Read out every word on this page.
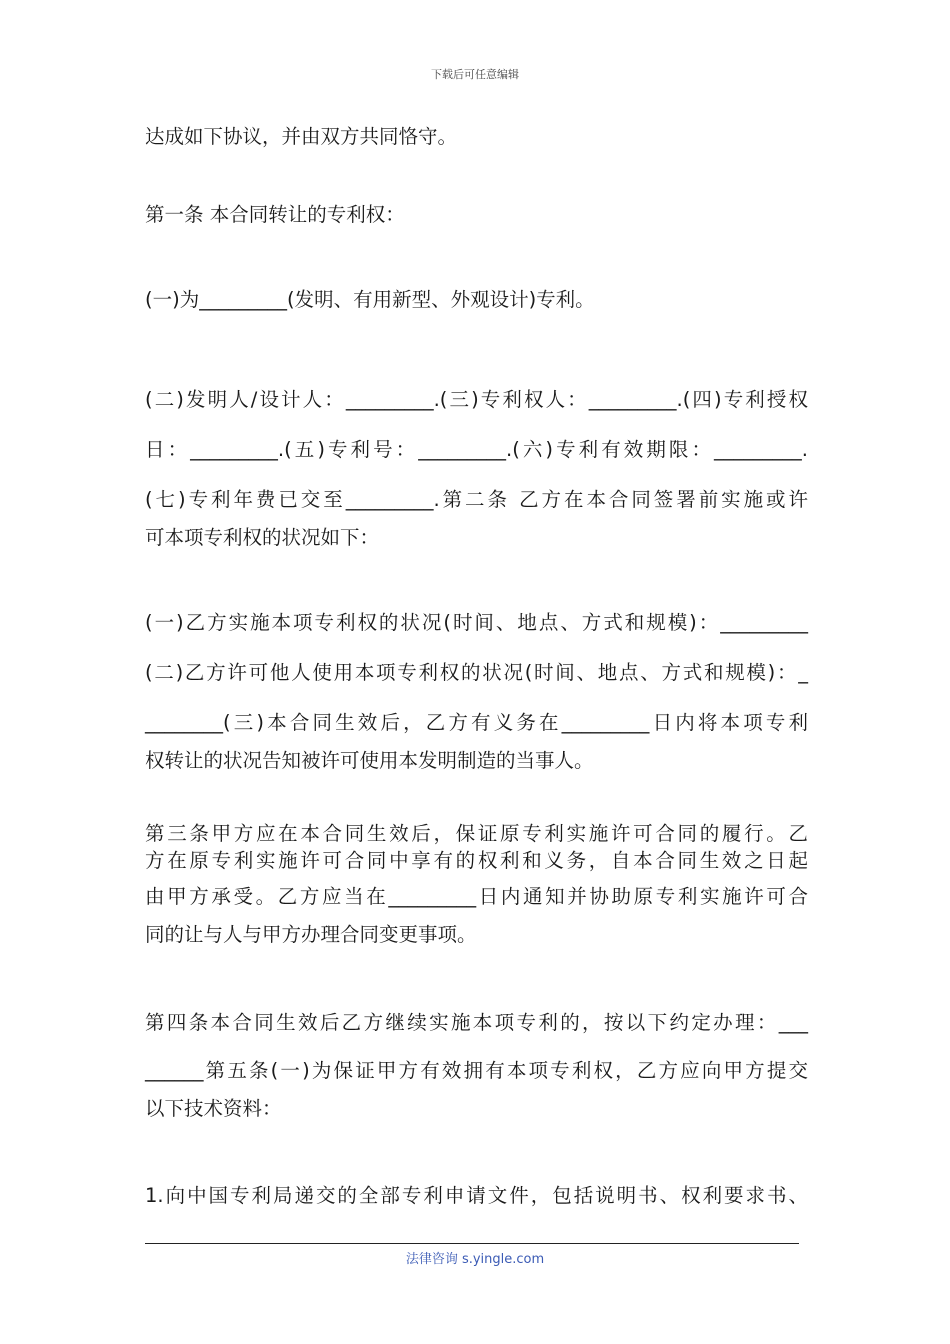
下载后可任意编辑
达成如下协议，并由双方共同恪守。
第一条 本合同转让的专利权：
(一)为_________(发明、有用新型、外观设计)专利。
(二)发明人/设计人：_________.(三)专利权人：_________.(四)专利授权
日：_________.(五)专利号：_________.(六)专利有效期限：_________.
(七)专利年费已交至_________.第二条 乙方在本合同签署前实施或许
可本项专利权的状况如下：
(一)乙方实施本项专利权的状况(时间、地点、方式和规模)：_________
(二)乙方许可他人使用本项专利权的状况(时间、地点、方式和规模)：_
________(三)本合同生效后，乙方有义务在_________日内将本项专利
权转让的状况告知被许可使用本发明制造的当事人。
第三条甲方应在本合同生效后，保证原专利实施许可合同的履行。乙
方在原专利实施许可合同中享有的权利和义务，自本合同生效之日起
由甲方承受。乙方应当在_________日内通知并协助原专利实施许可合
同的让与人与甲方办理合同变更事项。
第四条本合同生效后乙方继续实施本项专利的，按以下约定办理：___
______第五条(一)为保证甲方有效拥有本项专利权，乙方应向甲方提交
以下技术资料：
1.向中国专利局递交的全部专利申请文件，包括说明书、权利要求书、
法律咨询 s.yingle.com
